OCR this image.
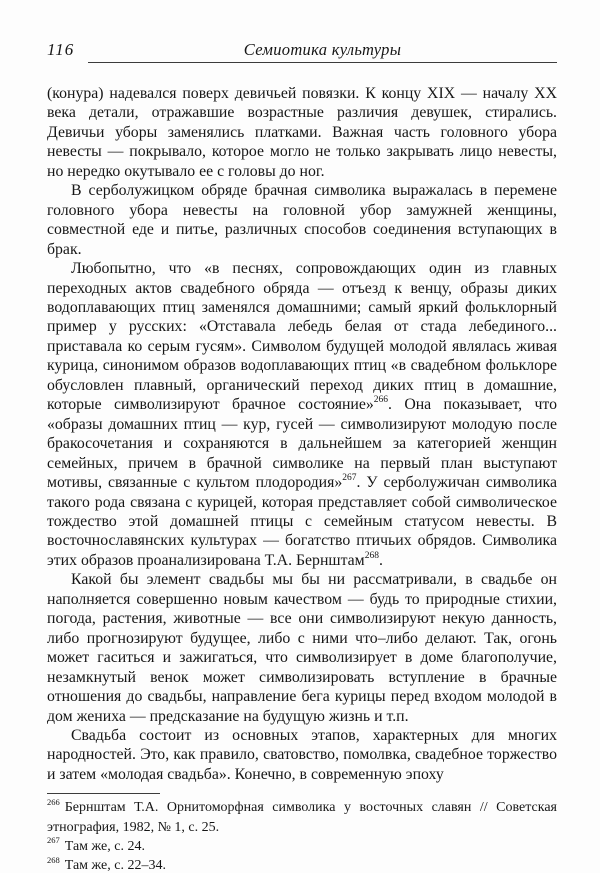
116	Семиотика культуры

(конура) надевался поверх девичьей повязки. К концу XIX — началу XX века детали, отражавшие возрастные различия девушек, стирались. Девичьи уборы заменялись платками. Важная часть головного убора невесты — покрывало, которое могло не только закрывать лицо невесты, но нередко окутывало ее с головы до ног.

В серболужицком обряде брачная символика выражалась в перемене головного убора невесты на головной убор замужней женщины, совместной еде и питье, различных способов соединения вступающих в брак.

Любопытно, что «в песнях, сопровождающих один из главных переходных актов свадебного обряда — отъезд к венцу, образы диких водоплавающих птиц заменялся домашними; самый яркий фольклорный пример у русских: «Отставала лебедь белая от стада лебединого... приставала ко серым гусям». Символом будущей молодой являлась живая курица, синонимом образов водоплавающих птиц «в свадебном фольклоре обусловлен плавный, органический переход диких птиц в домашние, которые символизируют брачное состояние»$^{266}$. Она показывает, что «образы домашних птиц — кур, гусей — символизируют молодую после бракосочетания и сохраняются в дальнейшем за категорией женщин семейных, причем в брачной символике на первый план выступают мотивы, связанные с культом плодородия»$^{267}$. У серболужичан символика такого рода связана с курицей, которая представляет собой символическое тождество этой домашней птицы с семейным статусом невесты. В восточнославянских культурах — богатство птичьих обрядов. Символика этих образов проанализирована Т.А. Бернштам$^{268}$.

Какой бы элемент свадьбы мы бы ни рассматривали, в свадьбе он наполняется совершенно новым качеством — будь то природные стихии, погода, растения, животные — все они символизируют некую данность, либо прогнозируют будущее, либо с ними что–либо делают. Так, огонь может гаситься и зажигаться, что символизирует в доме благополучие, незамкнутый венок может символизировать вступление в брачные отношения до свадьбы, направление бега курицы перед входом молодой в дом жениха — предсказание на будущую жизнь и т.п.

Свадьба состоит из основных этапов, характерных для многих народностей. Это, как правило, сватовство, помолвка, свадебное торжество и затем «молодая свадьба». Конечно, в современную эпоху

$^{266}$ Бернштам Т.А. Орнитоморфная символика у восточных славян // Советская этнография, 1982, № 1, с. 25.

$^{267}$ Там же, с. 24.

$^{268}$ Там же, с. 22–34.
